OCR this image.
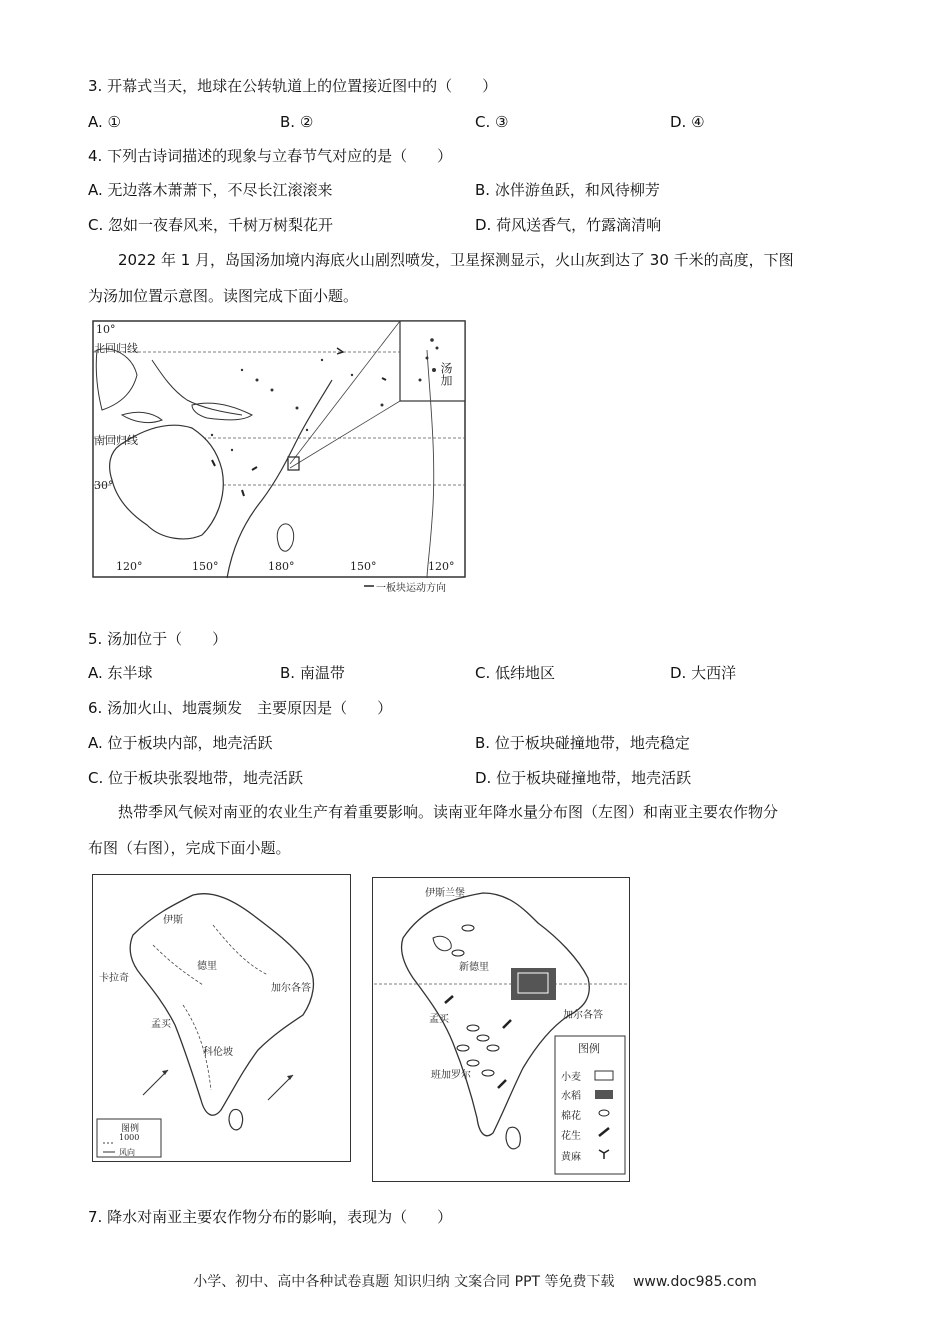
3. 开幕式当天，地球在公转轨道上的位置接近图中的（　　）
A. ①	B. ②	C. ③	D. ④
4. 下列古诗词描述的现象与立春节气对应的是（　　）
A. 无边落木萧萧下，不尽长江滚滚来	B. 冰伴游鱼跃，和风待柳芳
C. 忽如一夜春风来，千树万树梨花开	D. 荷风送香气，竹露滴清响
2022 年 1 月，岛国汤加境内海底火山剧烈喷发，卫星探测显示，火山灰到达了 30 千米的高度，下图
为汤加位置示意图。读图完成下面小题。
10°
北回归线
南回归线
30°
120°	150°	180°	150°	120°
汤加
一板块运动方向
5. 汤加位于（　　）
A. 东半球	B. 南温带	C. 低纬地区	D. 大西洋
6. 汤加火山、地震频发　主要原因是（　　）
A. 位于板块内部，地壳活跃	B. 位于板块碰撞地带，地壳稳定
C. 位于板块张裂地带，地壳活跃	D. 位于板块碰撞地带，地壳活跃
热带季风气候对南亚的农业生产有着重要影响。读南亚年降水量分布图（左图）和南亚主要农作物分
布图（右图），完成下面小题。
伊斯
卡拉奇
德里
孟买
科伦坡
加尔各答
图例
1000
风向
伊斯兰堡
新德里
孟买	加尔各答
班加罗尔
图例
小麦
水稻
棉花
花生
黄麻
7. 降水对南亚主要农作物分布的影响，表现为（　　）
小学、初中、高中各种试卷真题 知识归纳 文案合同 PPT 等免费下载　 www.doc985.com
